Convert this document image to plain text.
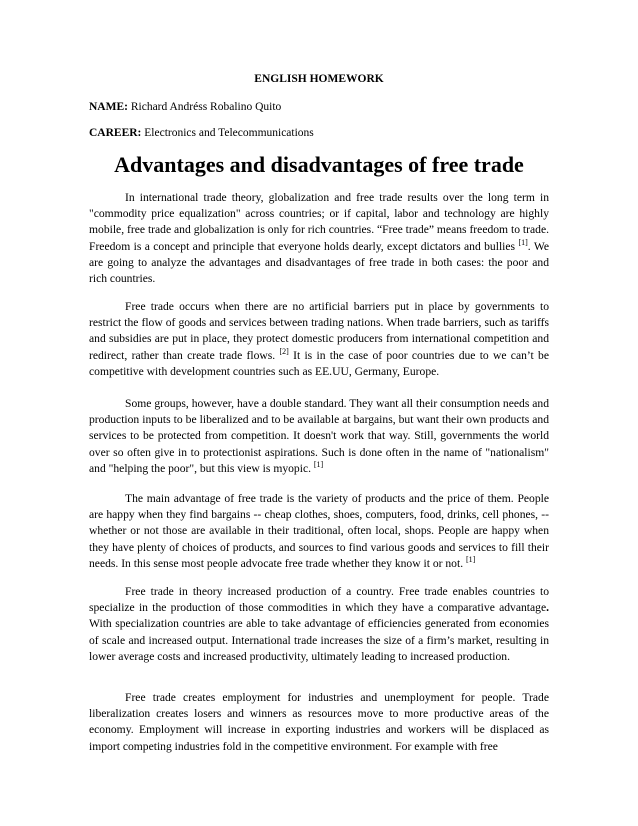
ENGLISH HOMEWORK
NAME: Richard Andréss Robalino Quito
CAREER: Electronics and Telecommunications
Advantages and disadvantages of free trade

In international trade theory, globalization and free trade results over the long term in "commodity price equalization" across countries; or if capital, labor and technology are highly mobile, free trade and globalization is only for rich countries. “Free trade” means freedom to trade. Freedom is a concept and principle that everyone holds dearly, except dictators and bullies [1]. We are going to analyze the advantages and disadvantages of free trade in both cases: the poor and rich countries.

Free trade occurs when there are no artificial barriers put in place by governments to restrict the flow of goods and services between trading nations. When trade barriers, such as tariffs and subsidies are put in place, they protect domestic producers from international competition and redirect, rather than create trade flows. [2] It is in the case of poor countries due to we can’t be competitive with development countries such as EE.UU, Germany, Europe.

Some groups, however, have a double standard. They want all their consumption needs and production inputs to be liberalized and to be available at bargains, but want their own products and services to be protected from competition. It doesn't work that way. Still, governments the world over so often give in to protectionist aspirations. Such is done often in the name of "nationalism" and "helping the poor", but this view is myopic. [1]

The main advantage of free trade is the variety of products and the price of them. People are happy when they find bargains -- cheap clothes, shoes, computers, food, drinks, cell phones, -- whether or not those are available in their traditional, often local, shops. People are happy when they have plenty of choices of products, and sources to find various goods and services to fill their needs. In this sense most people advocate free trade whether they know it or not. [1]

Free trade in theory increased production of a country. Free trade enables countries to specialize in the production of those commodities in which they have a comparative advantage. With specialization countries are able to take advantage of efficiencies generated from economies of scale and increased output. International trade increases the size of a firm’s market, resulting in lower average costs and increased productivity, ultimately leading to increased production.

Free trade creates employment for industries and unemployment for people. Trade liberalization creates losers and winners as resources move to more productive areas of the economy. Employment will increase in exporting industries and workers will be displaced as import competing industries fold in the competitive environment. For example with free
